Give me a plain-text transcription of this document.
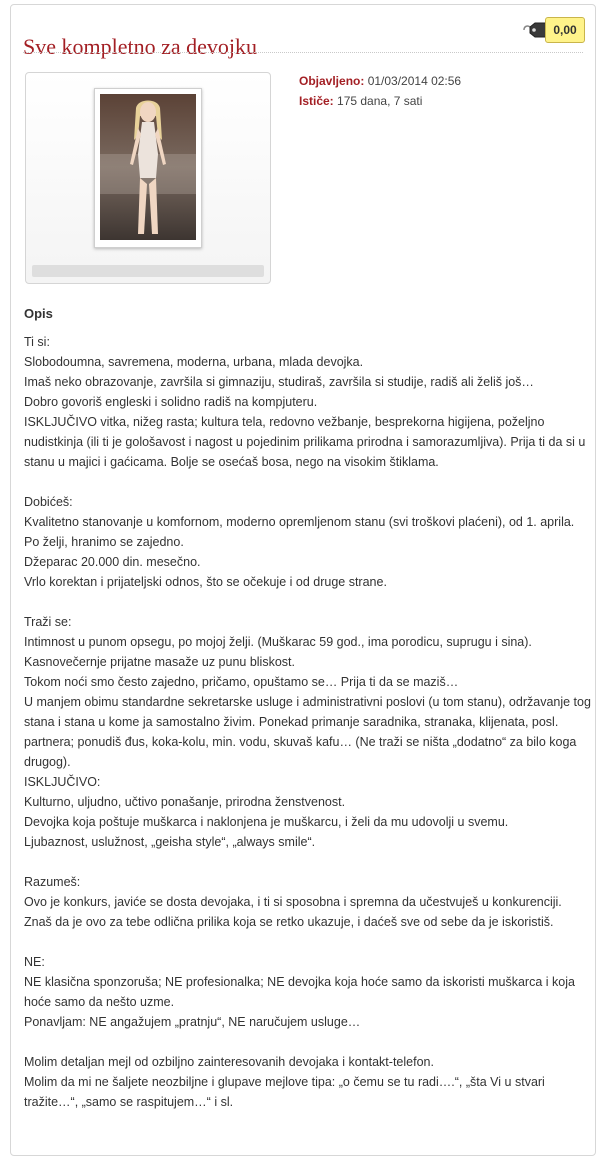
Sve kompletno za devojku
0,00
Objavljeno: 01/03/2014 02:56
Ističe: 175 dana, 7 sati
Opis

Ti si:
Slobodoumna, savremena, moderna, urbana, mlada devojka.
Imaš neko obrazovanje, završila si gimnaziju, studiraš, završila si studije, radiš ali želiš još…
Dobro govoriš engleski i solidno radiš na kompjuteru.
ISKLJUČIVO vitka, nižeg rasta; kultura tela, redovno vežbanje, besprekorna higijena, poželjno nudistkinja (ili ti je gološavost i nagost u pojedinim prilikama prirodna i samorazumljiva). Prija ti da si u stanu u majici i gaćicama. Bolje se osećaš bosa, nego na visokim štiklama.

Dobićeš:
Kvalitetno stanovanje u komfornom, moderno opremljenom stanu (svi troškovi plaćeni), od 1. aprila.
Po želji, hranimo se zajedno.
Džeparac 20.000 din. mesečno.
Vrlo korektan i prijateljski odnos, što se očekuje i od druge strane.

Traži se:
Intimnost u punom opsegu, po mojoj želji. (Muškarac 59 god., ima porodicu, suprugu i sina).
Kasnovečernje prijatne masaže uz punu bliskost.
Tokom noći smo često zajedno, pričamo, opuštamo se… Prija ti da se maziš…
U manjem obimu standardne sekretarske usluge i administrativni poslovi (u tom stanu), održavanje tog stana i stana u kome ja samostalno živim. Ponekad primanje saradnika, stranaka, klijenata, posl. partnera; ponudiš đus, koka-kolu, min. vodu, skuvaš kafu… (Ne traži se ništa „dodatno“ za bilo koga drugog).

ISKLJUČIVO:
Kulturno, uljudno, učtivo ponašanje, prirodna ženstvenost.
Devojka koja poštuje muškarca i naklonjena je muškarcu, i želi da mu udovolji u svemu.
Ljubaznost, uslužnost, „geisha style“, „always smile“.

Razumeš:
Ovo je konkurs, javiće se dosta devojaka, i ti si sposobna i spremna da učestvuješ u konkurenciji.
Znaš da je ovo za tebe odlična prilika koja se retko ukazuje, i daćeš sve od sebe da je iskoristiš.

NE:
NE klasična sponzoruša; NE profesionalka; NE devojka koja hoće samo da iskoristi muškarca i koja hoće samo da nešto uzme.
Ponavljam: NE angažujem „pratnju“, NE naručujem usluge…

Molim detaljan mejl od ozbiljno zainteresovanih devojaka i kontakt-telefon.
Molim da mi ne šaljete neozbiljne i glupave mejlove tipa: „o čemu se tu radi….“, „šta Vi u stvari tražite…“, „samo se raspitujem…“ i sl.
